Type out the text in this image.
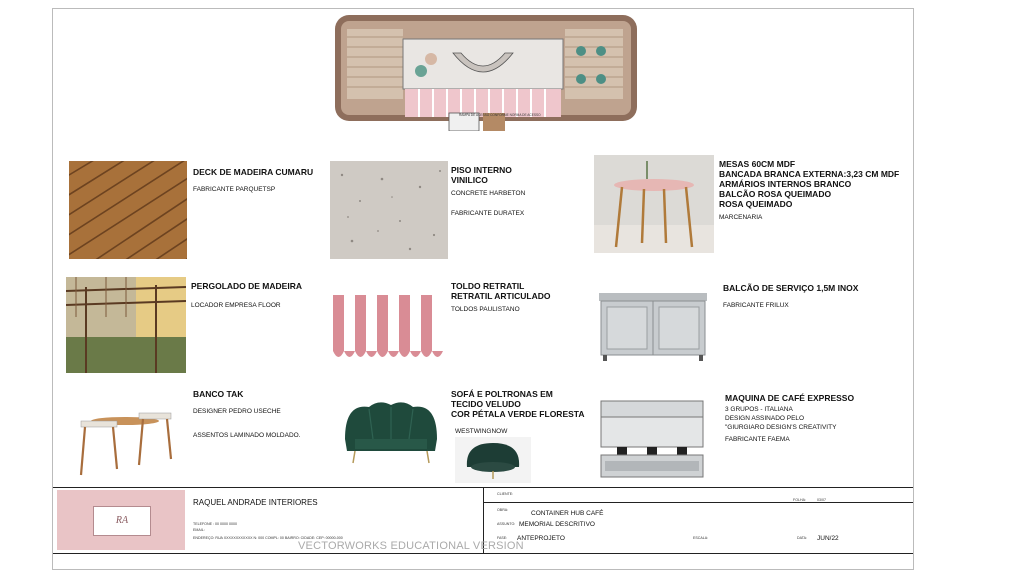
RAMPA DE ACESSO CONFORME NORMA DE ACESSO
DECK DE MADEIRA CUMARU
FABRICANTE PARQUETSP
PISO INTERNO
VINILICO
CONCRETE HARBETON
FABRICANTE DURATEX
MESAS 60CM MDF
BANCADA BRANCA EXTERNA:3,23 CM MDF
ARMÁRIOS INTERNOS BRANCO
BALCÃO ROSA QUEIMADO
ROSA QUEIMADO
MARCENARIA
PERGOLADO DE MADEIRA
LOCADOR EMPRESA FLOOR
TOLDO RETRATIL
RETRATIL ARTICULADO
TOLDOS PAULISTANO
BALCÃO DE SERVIÇO 1,5M INOX
FABRICANTE FRILUX
BANCO TAK
DESIGNER PEDRO USECHE
ASSENTOS LAMINADO MOLDADO.
SOFÁ E POLTRONAS EM
TECIDO VELUDO
COR PÉTALA VERDE FLORESTA
WESTWINGNOW
MAQUINA DE CAFÉ EXPRESSO
3 GRUPOS - ITALIANA
DESIGN ASSINADO PELO
"GIURGIARO DESIGN'S CREATIVITY
FABRICANTE FAEMA
RA
RAQUEL ANDRADE INTERIORES
TELEFONE : 00 0000 0000
EMAIL:
ENDEREÇO: RUA XXXXXXXXXXXX N: 000 COMPL: 00 BAIRRO: CIDADE: CEP: 00000-000
CLIENTE:
FOLHA:	03/07
OBRA:	CONTAINER HUB CAFÉ
ASSUNTO: MEMORIAL DESCRITIVO
FASE: ANTEPROJETO	ESCALA:	DATA: JUN/22
VECTORWORKS EDUCATIONAL VERSION
